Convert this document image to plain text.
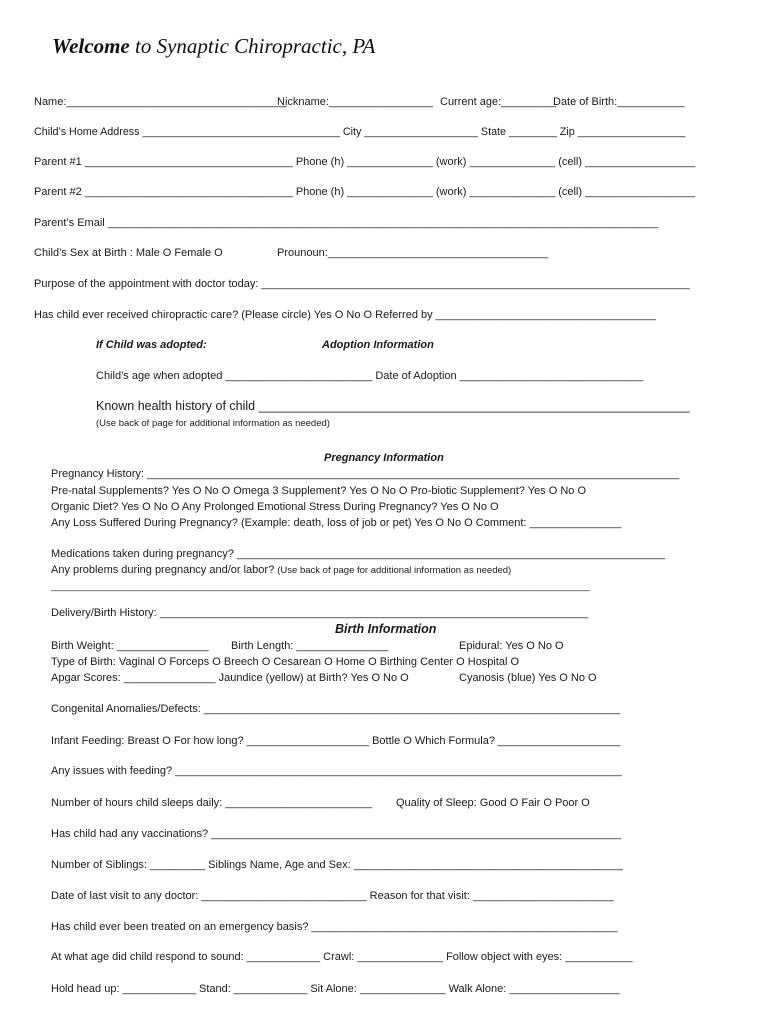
Welcome to Synaptic Chiropractic, PA
Name:____________________________________
Nickname:_________________ Current age:_________
Date of Birth:___________
Child’s Home Address _________________________________ City ___________________ State ________ Zip __________________
Parent #1 __________________________________ Phone (h) ______________ (work) ______________ (cell) __________________
Parent #2 __________________________________ Phone (h) ______________ (work) ______________ (cell) __________________
Parent’s Email __________________________________________________________________________________________
Child’s Sex at Birth : Male O Female O	Prounoun:____________________________________
Purpose of the appointment with doctor today: ______________________________________________________________________
Has child ever received chiropractic care? (Please circle) Yes O No O Referred by ____________________________________
If Child was adopted:	Adoption Information
Child’s age when adopted ________________________ Date of Adoption ______________________________
Known health history of child ______________________________________________________________
(Use back of page for additional information as needed)
Pregnancy Information
Pregnancy History: _______________________________________________________________________________________
Pre-natal Supplements? Yes O No O Omega 3 Supplement? Yes O No O Pro-biotic Supplement? Yes O No O
Organic Diet? Yes O No O Any Prolonged Emotional Stress During Pregnancy? Yes O No O
Any Loss Suffered During Pregnancy? (Example: death, loss of job or pet) Yes O No O Comment: _______________
Medications taken during pregnancy? ______________________________________________________________________
Any problems during pregnancy and/or labor? (Use back of page for additional information as needed)
______________________________________________________________________________________________________
Delivery/Birth History: ______________________________________________________________________
Birth Information
Birth Weight: _______________ Birth Length: _______________	Epidural: Yes O No O
Type of Birth: Vaginal O Forceps O Breech O Cesarean O Home O Birthing Center O Hospital O
Apgar Scores: _______________ Jaundice (yellow) at Birth? Yes O No O	Cyanosis (blue) Yes O No O
Congenital Anomalies/Defects: ____________________________________________________________________
Infant Feeding: Breast O For how long? ____________________ Bottle O Which Formula? ____________________
Any issues with feeding? _________________________________________________________________________
Number of hours child sleeps daily: ________________________ Quality of Sleep: Good O Fair O Poor O
Has child had any vaccinations? ___________________________________________________________________
Number of Siblings: _________ Siblings Name, Age and Sex: ____________________________________________
Date of last visit to any doctor: ___________________________ Reason for that visit: _______________________
Has child ever been treated on an emergency basis? __________________________________________________
At what age did child respond to sound: ____________ Crawl: ______________ Follow object with eyes: ___________
Hold head up: ____________ Stand: ____________ Sit Alone: ______________ Walk Alone: __________________
